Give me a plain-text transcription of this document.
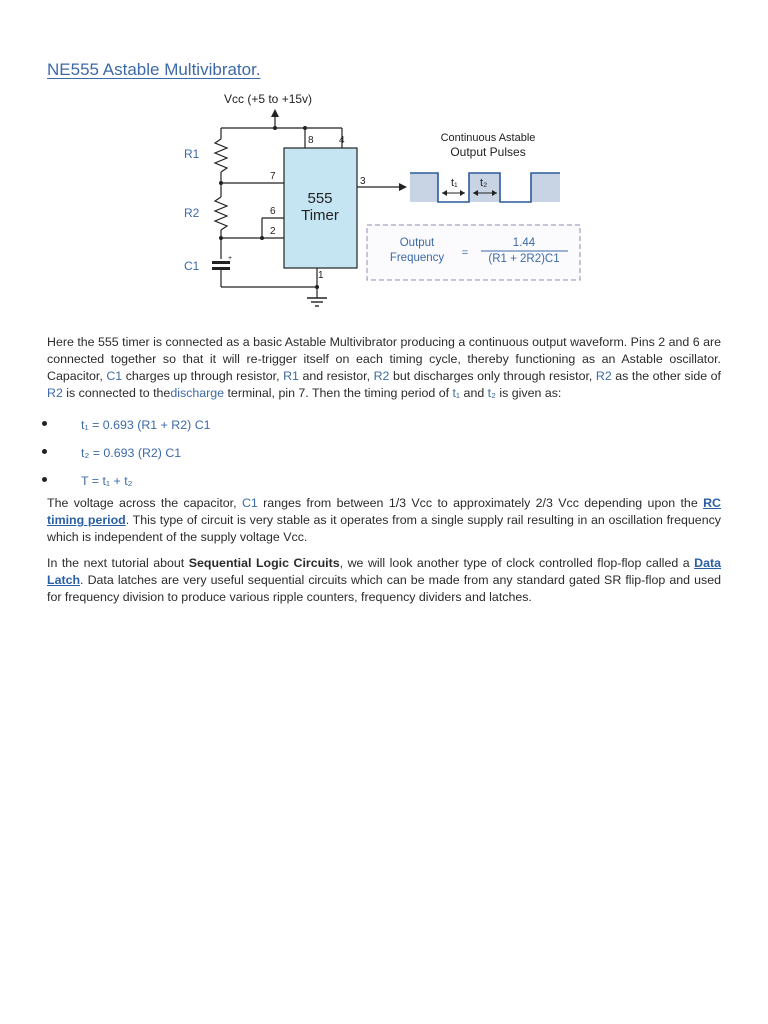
NE555 Astable Multivibrator.
Vcc (+5 to +15v)
+
555
Timer
8	4
7
6
2
3
1
R1
R2
C1
Continuous Astable
Output Pulses
t₁ t₂
Output
Frequency =
1.44
(R1 + 2R2)C1

Here the 555 timer is connected as a basic Astable Multivibrator producing a continuous output waveform. Pins 2 and 6 are connected together so that it will re-trigger itself on each timing cycle, thereby functioning as an Astable oscillator. Capacitor, C1 charges up through resistor, R1 and resistor, R2 but discharges only through resistor, R2 as the other side of R2 is connected to thedischarge terminal, pin 7. Then the timing period of t₁ and t₂ is given as:

t₁ = 0.693 (R1 + R2) C1
t₂ = 0.693 (R2) C1
T = t₁ + t₂

The voltage across the capacitor, C1 ranges from between 1/3 Vcc to approximately 2/3 Vcc depending upon the RC timing period. This type of circuit is very stable as it operates from a single supply rail resulting in an oscillation frequency which is independent of the supply voltage Vcc.

In the next tutorial about Sequential Logic Circuits, we will look another type of clock controlled flop-flop called a Data Latch. Data latches are very useful sequential circuits which can be made from any standard gated SR flip-flop and used for frequency division to produce various ripple counters, frequency dividers and latches.
